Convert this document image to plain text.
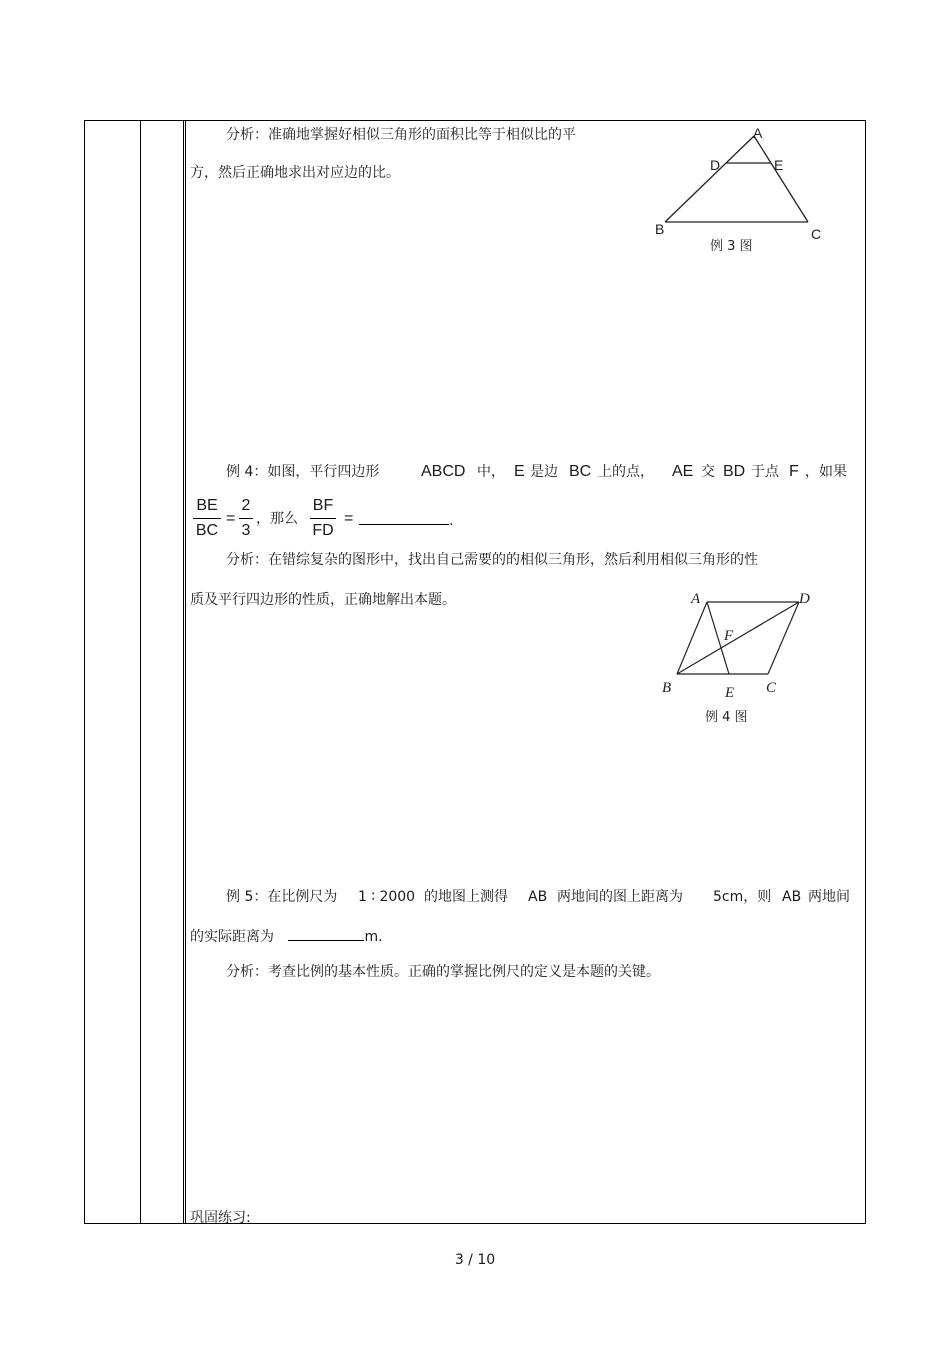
分析：准确地掌握好相似三角形的面积比等于相似比的平
方，然后正确地求出对应边的比。
A
D	E
B	C
例 3 图
例 4：如图，平行四边形	ABCD 中， E 是边 BC 上的点， AE 交 BD 于点 F ，如果
BE
BC
=
2
3
，那么
BF
FD
=	.
分析：在错综复杂的图形中，找出自己需要的的相似三角形，然后利用相似三角形的性
质及平行四边形的性质，正确地解出本题。	A	D
F
B	E C
例 4 图
例 5：在比例尺为 1 ∶ 2000 的地图上测得 AB 两地间的图上距离为 5cm，则 AB 两地间
的实际距离为	m.
分析：考查比例的基本性质。正确的掌握比例尺的定义是本题的关键。
巩固练习:
3 / 10
